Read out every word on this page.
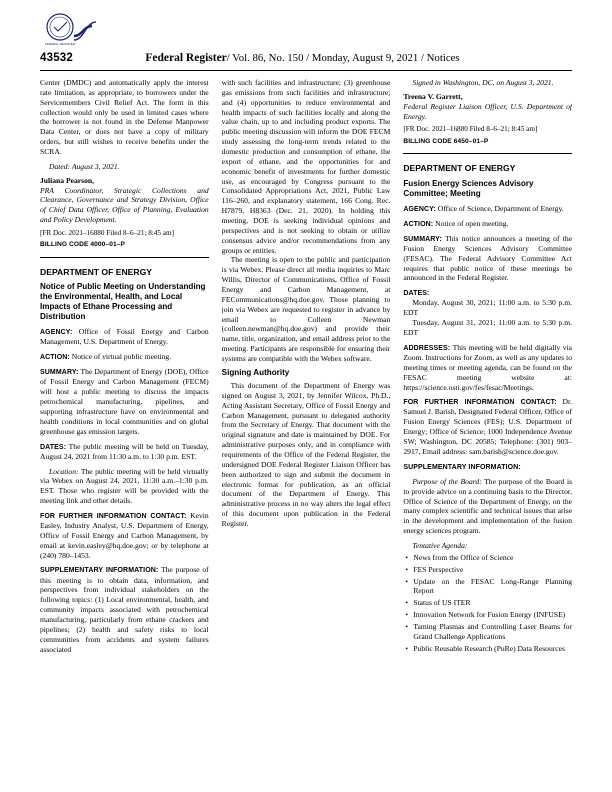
FEDERAL REGISTER
43532	Federal Register/ Vol. 86, No. 150 / Monday, August 9, 2021 / Notices

Center (DMDC) and automatically apply the interest rate limitation, as appropriate, to borrowers under the Servicemembers Civil Relief Act. The form in this collection would only be used in limited cases where the borrower is not found in the Defense Manpower Data Center, or does not have a copy of military orders, but still wishes to receive benefits under the SCRA.

Dated: August 3, 2021.

Juliana Pearson,

PRA Coordinator, Strategic Collections and Clearance, Governance and Strategy Division, Office of Chief Data Officer, Office of Planning, Evaluation and Policy Development.

[FR Doc. 2021–16880 Filed 8–6–21; 8:45 am]

BILLING CODE 4000–01–P

DEPARTMENT OF ENERGY

Notice of Public Meeting on Understanding the Environmental, Health, and Local Impacts of Ethane Processing and Distribution

AGENCY: Office of Fossil Energy and Carbon Management, U.S. Department of Energy.

ACTION: Notice of virtual public meeting.

SUMMARY: The Department of Energy (DOE), Office of Fossil Energy and Carbon Management (FECM) will host a public meeting to discuss the impacts petrochemical manufacturing, pipelines, and supporting infrastructure have on environmental and health conditions in local communities and on global greenhouse gas emission targets.

DATES: The public meeting will be held on Tuesday, August 24, 2021 from 11:30 a.m. to 1:30 p.m. EST.

Location: The public meeting will be held virtually via Webex on August 24, 2021, 11:30 a.m.–1:30 p.m. EST. Those who register will be provided with the meeting link and other details.

FOR FURTHER INFORMATION CONTACT: Kevin Easley, Industry Analyst, U.S. Department of Energy, Office of Fossil Energy and Carbon Management, by email at kevin.easley@hq.doe.gov; or by telephone at (240) 780–1453.

SUPPLEMENTARY INFORMATION: The purpose of this meeting is to obtain data, information, and perspectives from individual stakeholders on the following topics: (1) Local environmental, health, and community impacts associated with petrochemical manufacturing, particularly from ethane crackers and pipelines; (2) health and safety risks to local communities from accidents and system failures associated

with such facilities and infrastructure; (3) greenhouse gas emissions from such facilities and infrastructure; and (4) opportunities to reduce environmental and health impacts of such facilities locally and along the value chain, up to and including product exports. The public meeting discussion will inform the DOE FECM study assessing the long-term trends related to the domestic production and consumption of ethane, the export of ethane, and the opportunities for and economic benefit of investments for further domestic use, as encouraged by Congress pursuant to the Consolidated Appropriations Act, 2021, Public Law 116–260, and explanatory statement, 166 Cong. Rec. H7879, H8363 (Dec. 21, 2020). In holding this meeting, DOE is seeking individual opinions and perspectives and is not seeking to obtain or utilize consensus advice and/or recommendations from any groups or entities.

The meeting is open to the public and participation is via Webex. Please direct all media inquiries to Marc Willis, Director of Communications, Office of Fossil Energy and Carbon Management, at FECommunications@hq.doe.gov. Those planning to join via Webex are requested to register in advance by email to Colleen Newman (colleen.newman@hq.doe.gov) and provide their name, title, organization, and email address prior to the meeting. Participants are responsible for ensuring their systems are compatible with the Webex software.

Signing Authority

This document of the Department of Energy was signed on August 3, 2021, by Jennifer Wilcox, Ph.D., Acting Assistant Secretary, Office of Fossil Energy and Carbon Management, pursuant to delegated authority from the Secretary of Energy. That document with the original signature and date is maintained by DOE. For administrative purposes only, and in compliance with requirements of the Office of the Federal Register, the undersigned DOE Federal Register Liaison Officer has been authorized to sign and submit the document in electronic format for publication, as an official document of the Department of Energy. This administrative process in no way alters the legal effect of this document upon publication in the Federal Register.

Signed in Washington, DC, on August 3, 2021.

Treena V. Garrett,

Federal Register Liaison Officer, U.S. Department of Energy.

[FR Doc. 2021–16880 Filed 8–6–21; 8:45 am]

BILLING CODE 6450–01–P

DEPARTMENT OF ENERGY

Fusion Energy Sciences Advisory Committee; Meeting

AGENCY: Office of Science, Department of Energy.

ACTION: Notice of open meeting.

SUMMARY: This notice announces a meeting of the Fusion Energy Sciences Advisory Committee (FESAC). The Federal Advisory Committee Act requires that public notice of these meetings be announced in the Federal Register.

DATES:

Monday, August 30, 2021; 11:00 a.m. to 5:30 p.m. EDT

Tuesday, August 31, 2021; 11:00 a.m. to 5:30 p.m. EDT

ADDRESSES: This meeting will be held digitally via Zoom. Instructions for Zoom, as well as any updates to meeting times or meeting agenda, can be found on the FESAC meeting website at: https://science.osti.gov/fes/fesac/Meetings.

FOR FURTHER INFORMATION CONTACT: Dr. Samuel J. Barish, Designated Federal Officer, Office of Fusion Energy Sciences (FES); U.S. Department of Energy; Office of Science; 1000 Independence Avenue SW; Washington, DC 20585; Telephone: (301) 903–2917, Email address: sam.barish@science.doe.gov.

SUPPLEMENTARY INFORMATION:

Purpose of the Board: The purpose of the Board is to provide advice on a continuing basis to the Director, Office of Science of the Department of Energy, on the many complex scientific and technical issues that arise in the development and implementation of the fusion energy sciences program.

Tentative Agenda:

• News from the Office of Science
• FES Perspective
• Update on the FESAC Long-Range Planning Report
• Status of US ITER
• Innovation Network for Fusion Energy (INFUSE)
• Taming Plasmas and Controlling Laser Beams for Grand Challenge Applications
• Public Reusable Research (PuRe) Data Resources
